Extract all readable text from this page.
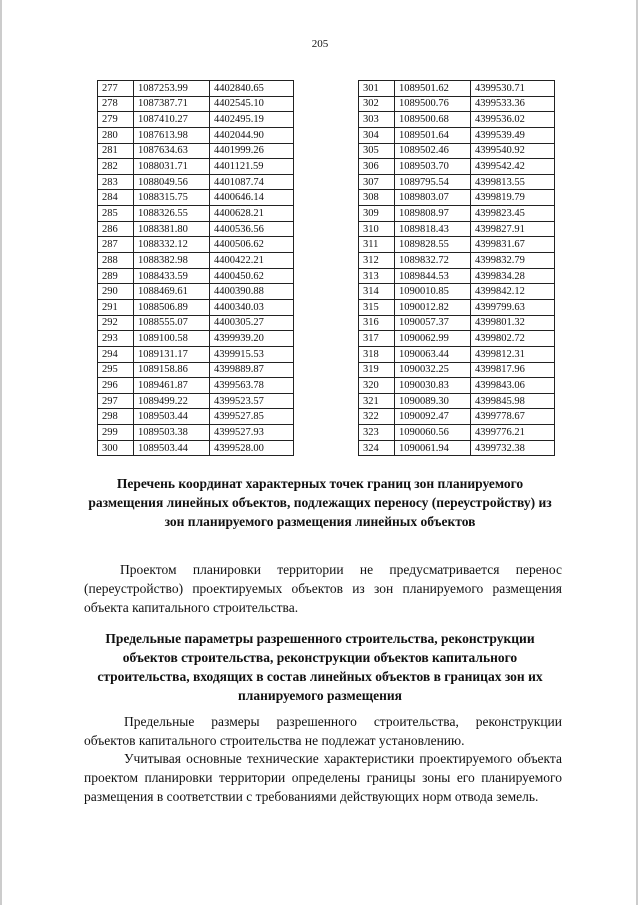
205
277	1087253.99	4402840.65
278	1087387.71	4402545.10
279	1087410.27	4402495.19
280	1087613.98	4402044.90
281	1087634.63	4401999.26
282	1088031.71	4401121.59
283	1088049.56	4401087.74
284	1088315.75	4400646.14
285	1088326.55	4400628.21
286	1088381.80	4400536.56
287	1088332.12	4400506.62
288	1088382.98	4400422.21
289	1088433.59	4400450.62
290	1088469.61	4400390.88
291	1088506.89	4400340.03
292	1088555.07	4400305.27
293	1089100.58	4399939.20
294	1089131.17	4399915.53
295	1089158.86	4399889.87
296	1089461.87	4399563.78
297	1089499.22	4399523.57
298	1089503.44	4399527.85
299	1089503.38	4399527.93
300	1089503.44	4399528.00
301	1089501.62	4399530.71
302	1089500.76	4399533.36
303	1089500.68	4399536.02
304	1089501.64	4399539.49
305	1089502.46	4399540.92
306	1089503.70	4399542.42
307	1089795.54	4399813.55
308	1089803.07	4399819.79
309	1089808.97	4399823.45
310	1089818.43	4399827.91
311	1089828.55	4399831.67
312	1089832.72	4399832.79
313	1089844.53	4399834.28
314	1090010.85	4399842.12
315	1090012.82	4399799.63
316	1090057.37	4399801.32
317	1090062.99	4399802.72
318	1090063.44	4399812.31
319	1090032.25	4399817.96
320	1090030.83	4399843.06
321	1090089.30	4399845.98
322	1090092.47	4399778.67
323	1090060.56	4399776.21
324	1090061.94	4399732.38
Перечень координат характерных точек границ зон планируемого размещения линейных объектов, подлежащих переносу (переустройству) из зон планируемого размещения линейных объектов

Проектом планировки территории не предусматривается перенос (переустройство) проектируемых объектов из зон планируемого размещения объекта капитального строительства.

Предельные параметры разрешенного строительства, реконструкции объектов строительства, реконструкции объектов капитального строительства, входящих в состав линейных объектов в границах зон их планируемого размещения

Предельные размеры разрешенного строительства, реконструкции объектов капитального строительства не подлежат установлению.

Учитывая основные технические характеристики проектируемого объекта проектом планировки территории определены границы зоны его планируемого размещения в соответствии с требованиями действующих норм отвода земель.
